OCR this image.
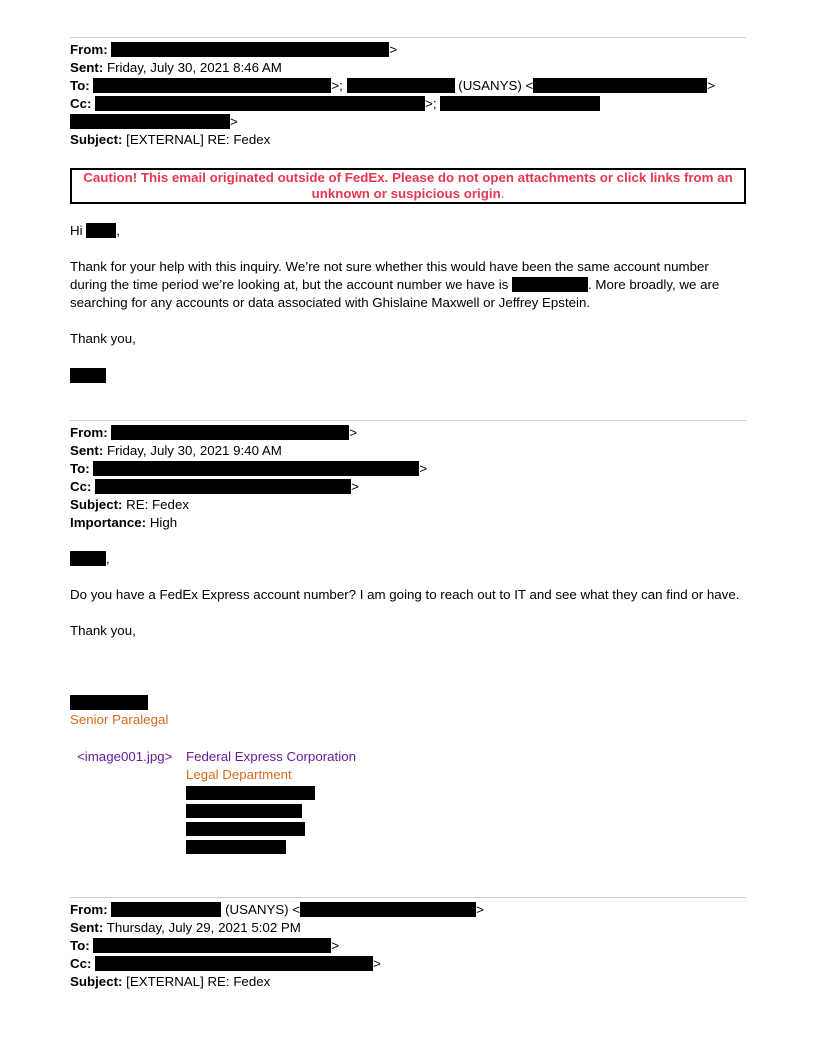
From:	>
Sent: Friday, July 30, 2021 8:46 AM
To:	>;	(USANYS) <	>
Cc:	>;
>
Subject: [EXTERNAL] RE: Fedex
Caution! This email originated outside of FedEx. Please do not open attachments or click links from an
unknown or suspicious origin.
Hi	,
Thank for your help with this inquiry. We’re not sure whether this would have been the same account number
during the time period we’re looking at, but the account number we have is	. More broadly, we are
searching for any accounts or data associated with Ghislaine Maxwell or Jeffrey Epstein.
Thank you,
From:	>
Sent: Friday, July 30, 2021 9:40 AM
To:	>
Cc:	>
Subject: RE: Fedex
Importance: High
,
Do you have a FedEx Express account number? I am going to reach out to IT and see what they can find or have.
Thank you,
Senior Paralegal
<image001.jpg> Federal Express Corporation
Legal Department
From:	(USANYS) <	>
Sent: Thursday, July 29, 2021 5:02 PM
To:	>
Cc:	>
Subject: [EXTERNAL] RE: Fedex
